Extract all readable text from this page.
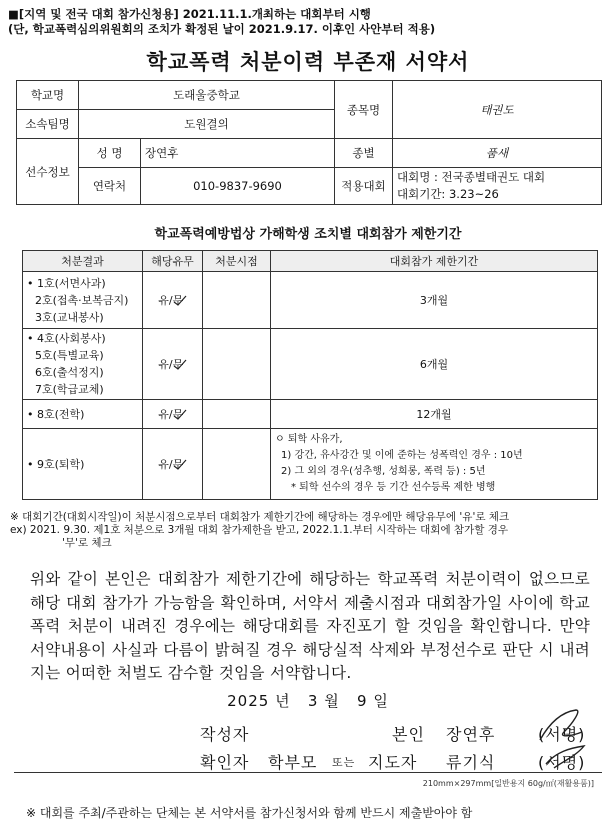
■[지역 및 전국 대회 참가신청용] 2021.11.1.개최하는 대회부터 시행
(단, 학교폭력심의위원회의 조치가 확정된 날이 2021.9.17. 이후인 사안부터 적용)
학교폭력 처분이력 부존재 서약서
학교명	도래울중학교		종목명	태권도
소속팀명	도원결의			
선수정보	성 명	장연후	종별	품새
	연락처	010-9837-9690	적용대회	대회명 : 전국종별태권도 대회
대회기간: 3.23~26
학교폭력예방법상 가해학생 조치별 대회참가 제한기간
처분결과	해당유무	처분시점	대회참가 제한기간

• 1호(서면사과)
2호(접촉·보복금지)
3호(교내봉사)	유/무		3개월

• 4호(사회봉사)
5호(특별교육)
6호(출석정지)
7호(학급교체)	유/무		6개월

• 8호(전학)	유/무		12개월

• 9호(퇴학)	유/무		ㅇ 퇴학 사유가,
1) 강간, 유사강간 및 이에 준하는 성폭력인 경우 : 10년
2) 그 외의 경우(성추행, 성희롱, 폭력 등) : 5년
* 퇴학 선수의 경우 등 기간 선수등록 제한 병행
※ 대회기간(대회시작일)이 처분시점으로부터 대회참가 제한기간에 해당하는 경우에만 해당유무에 '유'로 체크
ex) 2021. 9.30. 제1호 처분으로 3개월 대회 참가제한을 받고, 2022.1.1.부터 시작하는 대회에 참가할 경우
'무'로 체크
위와 같이 본인은 대회참가 제한기간에 해당하는 학교폭력 처분이력이 없으므로 해당 대회 참가가 가능함을 확인하며, 서약서 제출시점과 대회참가일 사이에 학교폭력 처분이 내려진 경우에는 해당대회를 자진포기 할 것임을 확인합니다. 만약 서약내용이 사실과 다름이 밝혀질 경우 해당실적 삭제와 부정선수로 판단 시 내려지는 어떠한 처벌도 감수할 것임을 서약합니다.
2025 년 3 월 9 일
작성자	본인 장연후	(서명)
확인자 학부모 또는 지도자 류기식	(서명)
210mm×297mm[일반용지 60g/㎡(재활용품)]
※ 대회를 주최/주관하는 단체는 본 서약서를 참가신청서와 함께 반드시 제출받아야 함
